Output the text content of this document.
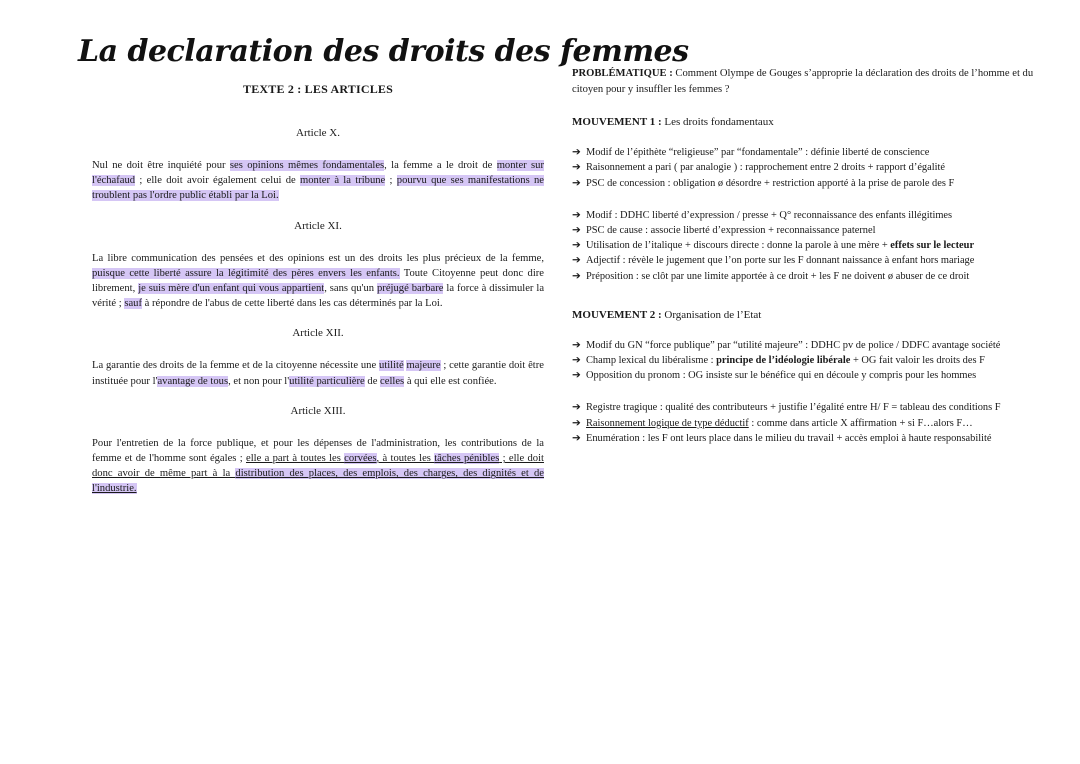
La declaration des droits des femmes
TEXTE 2 : LES ARTICLES
Article X.
Nul ne doit être inquiété pour ses opinions mêmes fondamentales, la femme a le droit de monter sur l'échafaud ; elle doit avoir également celui de monter à la tribune ; pourvu que ses manifestations ne troublent pas l'ordre public établi par la Loi.
Article XI.
La libre communication des pensées et des opinions est un des droits les plus précieux de la femme, puisque cette liberté assure la légitimité des pères envers les enfants. Toute Citoyenne peut donc dire librement, je suis mère d'un enfant qui vous appartient, sans qu'un préjugé barbare la force à dissimuler la vérité ; sauf à répondre de l'abus de cette liberté dans les cas déterminés par la Loi.
Article XII.
La garantie des droits de la femme et de la citoyenne nécessite une utilité majeure ; cette garantie doit être instituée pour l'avantage de tous, et non pour l'utilité particulière de celles à qui elle est confiée.
Article XIII.
Pour l'entretien de la force publique, et pour les dépenses de l'administration, les contributions de la femme et de l'homme sont égales ; elle a part à toutes les corvées, à toutes les tâches pénibles ; elle doit donc avoir de même part à la distribution des places, des emplois, des charges, des dignités et de l'industrie.
PROBLÉMATIQUE : Comment Olympe de Gouges s’approprie la déclaration des droits de l’homme et du citoyen pour y insuffler les femmes ?
MOUVEMENT 1 : Les droits fondamentaux
➔ Modif de l’épithète “religieuse” par “fondamentale” : définie liberté de conscience
➔ Raisonnement a pari ( par analogie ) : rapprochement entre 2 droits + rapport d’égalité
➔ PSC de concession : obligation ø désordre + restriction apporté à la prise de parole des F
➔ Modif : DDHC liberté d’expression / presse + Q° reconnaissance des enfants illégitimes
➔ PSC de cause : associe liberté d’expression + reconnaissance paternel
➔ Utilisation de l’italique + discours directe : donne la parole à une mère + effets sur le lecteur
➔ Adjectif : révèle le jugement que l’on porte sur les F donnant naissance à enfant hors mariage
➔ Préposition : se clôt par une limite apportée à ce droit + les F ne doivent ø abuser de ce droit
MOUVEMENT 2 : Organisation de l’Etat
➔ Modif du GN “force publique” par “utilité majeure” : DDHC pv de police / DDFC avantage société
➔ Champ lexical du libéralisme : principe de l’idéologie libérale + OG fait valoir les droits des F
➔ Opposition du pronom : OG insiste sur le bénéfice qui en découle y compris pour les hommes
➔ Registre tragique : qualité des contributeurs + justifie l’égalité entre H/ F = tableau des conditions F
➔ Raisonnement logique de type déductif : comme dans article X affirmation + si F…alors F…
➔ Enumération : les F ont leurs place dans le milieu du travail + accès emploi à haute responsabilité
